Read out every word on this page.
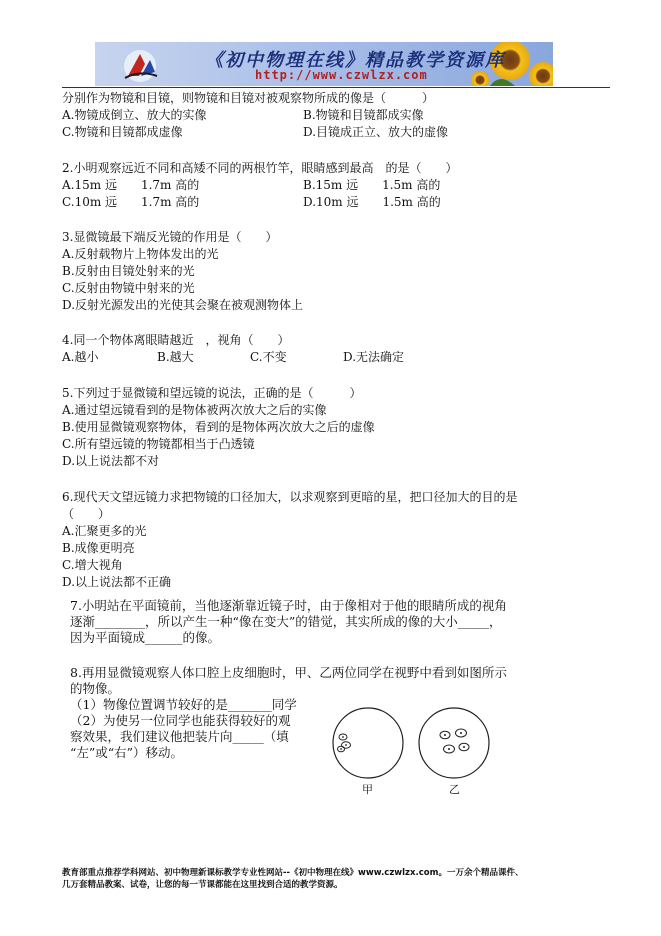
《初中物理在线》精品教学资源库
http://www.czwlzx.com
分别作为物镜和目镜，则物镜和目镜对被观察物所成的像是（　　　）
A.物镜成倒立、放大的实像	B.物镜和目镜都成实像
C.物镜和目镜都成虚像	D.目镜成正立、放大的虚像
2.小明观察远近不同和高矮不同的两根竹竿，眼睛感到最高　的是（　　）
A.15m 远　　1.7m 高的	B.15m 远　　1.5m 高的
C.10m 远　　1.7m 高的	D.10m 远　　1.5m 高的
3.显微镜最下端反光镜的作用是（　　）
A.反射载物片上物体发出的光
B.反射由目镜处射来的光
C.反射由物镜中射来的光
D.反射光源发出的光使其会聚在被观测物体上
4.同一个物体离眼睛越近　，视角（　　）
A.越小	B.越大	C.不变	D.无法确定
5.下列过于显微镜和望远镜的说法，正确的是（　　　）
A.通过望远镜看到的是物体被两次放大之后的实像
B.使用显微镜观察物体，看到的是物体两次放大之后的虚像
C.所有望远镜的物镜都相当于凸透镜
D.以上说法都不对
6.现代天文望远镜力求把物镜的口径加大，以求观察到更暗的星，把口径加大的目的是
（　　）
A.汇聚更多的光
B.成像更明亮
C.增大视角
D.以上说法都不正确
7.小明站在平面镜前，当他逐渐靠近镜子时，由于像相对于他的眼睛所成的视角
逐渐________，所以产生一种“像在变大”的错觉，其实所成的像的大小_____，
因为平面镜成______的像。
8.再用显微镜观察人体口腔上皮细胞时，甲、乙两位同学在视野中看到如图所示
的物像。
（1）物像位置调节较好的是_______同学
（2）为使另一位同学也能获得较好的观
察效果，我们建议他把装片向_____（填
“左”或“右”）移动。
甲	乙
教育部重点推荐学科网站、初中物理新课标教学专业性网站--《初中物理在线》www.czwlzx.com。一万余个精品课件、
几万套精品教案、试卷，让您的每一节课都能在这里找到合适的教学资源。
